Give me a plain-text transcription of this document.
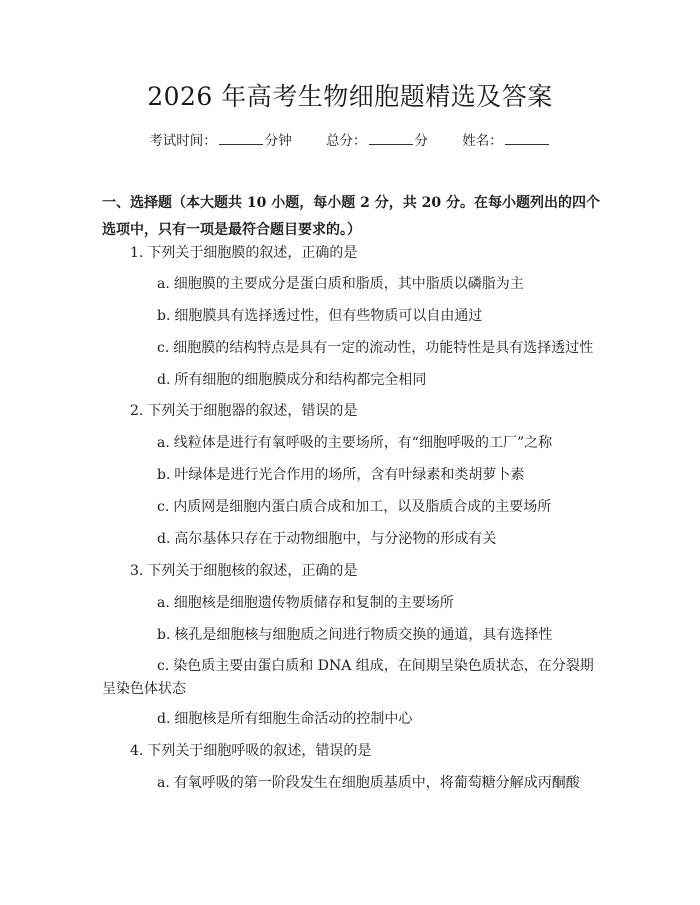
2026 年高考生物细胞题精选及答案
考试时间：	分钟	总分：	分	姓名：
一、选择题（本大题共 10 小题，每小题 2 分，共 20 分。在每小题列出的四个选项中，只有一项是最符合题目要求的。）
1. 下列关于细胞膜的叙述，正确的是
a. 细胞膜的主要成分是蛋白质和脂质，其中脂质以磷脂为主
b. 细胞膜具有选择透过性，但有些物质可以自由通过
c. 细胞膜的结构特点是具有一定的流动性，功能特性是具有选择透过性
d. 所有细胞的细胞膜成分和结构都完全相同
2. 下列关于细胞器的叙述，错误的是
a. 线粒体是进行有氧呼吸的主要场所，有“细胞呼吸的工厂”之称
b. 叶绿体是进行光合作用的场所，含有叶绿素和类胡萝卜素
c. 内质网是细胞内蛋白质合成和加工，以及脂质合成的主要场所
d. 高尔基体只存在于动物细胞中，与分泌物的形成有关
3. 下列关于细胞核的叙述，正确的是
a. 细胞核是细胞遗传物质储存和复制的主要场所
b. 核孔是细胞核与细胞质之间进行物质交换的通道，具有选择性
c. 染色质主要由蛋白质和 DNA 组成，在间期呈染色质状态，在分裂期呈染色体状态
d. 细胞核是所有细胞生命活动的控制中心
4. 下列关于细胞呼吸的叙述，错误的是
a. 有氧呼吸的第一阶段发生在细胞质基质中，将葡萄糖分解成丙酮酸
